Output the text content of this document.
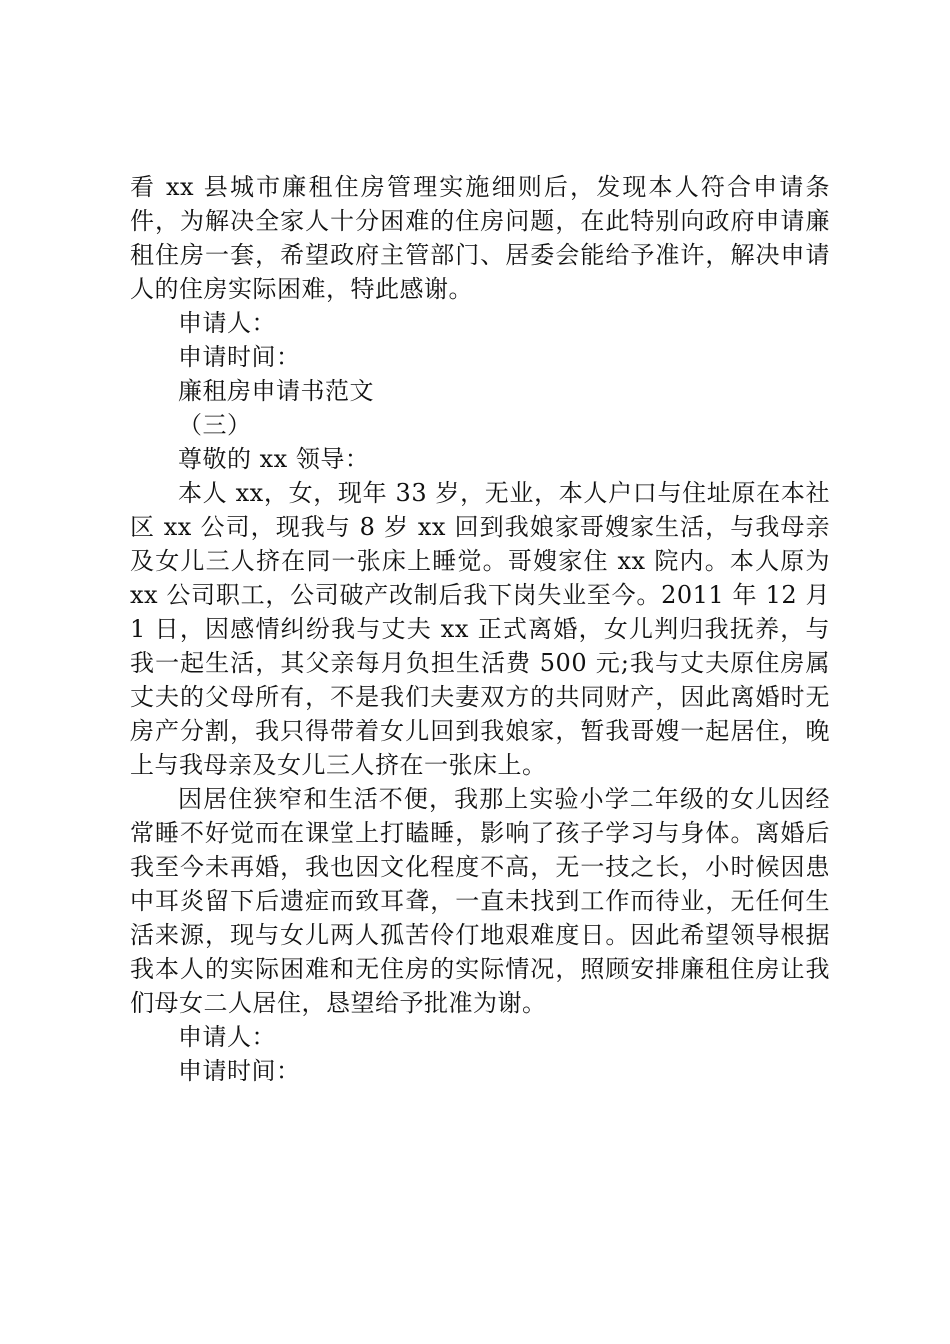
看 xx 县城市廉租住房管理实施细则后，发现本人符合申请条件，为解决全家人十分困难的住房问题，在此特别向政府申请廉租住房一套，希望政府主管部门、居委会能给予准许，解决申请人的住房实际困难，特此感谢。

申请人：

申请时间：

廉租房申请书范文

（三）

尊敬的 xx 领导：

本人 xx，女，现年 33 岁，无业，本人户口与住址原在本社区 xx 公司，现我与 8 岁 xx 回到我娘家哥嫂家生活，与我母亲及女儿三人挤在同一张床上睡觉。哥嫂家住 xx 院内。本人原为 xx 公司职工，公司破产改制后我下岗失业至今。2011 年 12 月 1 日，因感情纠纷我与丈夫 xx 正式离婚，女儿判归我抚养，与我一起生活，其父亲每月负担生活费 500 元;我与丈夫原住房属丈夫的父母所有，不是我们夫妻双方的共同财产，因此离婚时无房产分割，我只得带着女儿回到我娘家，暂我哥嫂一起居住，晚上与我母亲及女儿三人挤在一张床上。

因居住狭窄和生活不便，我那上实验小学二年级的女儿因经常睡不好觉而在课堂上打瞌睡，影响了孩子学习与身体。离婚后我至今未再婚，我也因文化程度不高，无一技之长，小时候因患中耳炎留下后遗症而致耳聋，一直未找到工作而待业，无任何生活来源，现与女儿两人孤苦伶仃地艰难度日。因此希望领导根据我本人的实际困难和无住房的实际情况，照顾安排廉租住房让我们母女二人居住，恳望给予批准为谢。

申请人：

申请时间：
